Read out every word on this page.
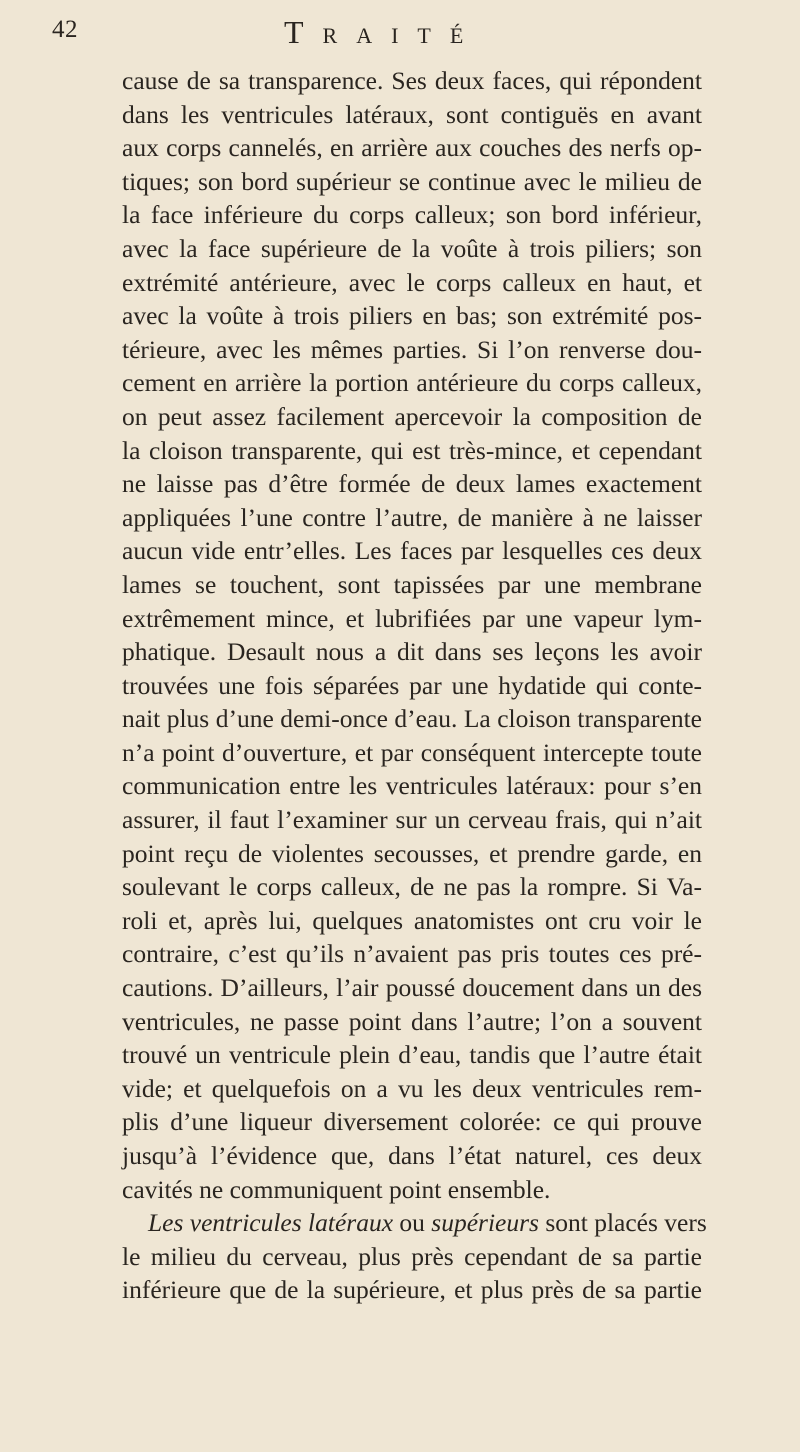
42	Traité
cause de sa transparence. Ses deux faces, qui répondent
dans les ventricules latéraux, sont contiguës en avant
aux corps cannelés, en arrière aux couches des nerfs op-
tiques; son bord supérieur se continue avec le milieu de
la face inférieure du corps calleux; son bord inférieur,
avec la face supérieure de la voûte à trois piliers; son
extrémité antérieure, avec le corps calleux en haut, et
avec la voûte à trois piliers en bas; son extrémité pos-
térieure, avec les mêmes parties. Si l’on renverse dou-
cement en arrière la portion antérieure du corps calleux,
on peut assez facilement apercevoir la composition de
la cloison transparente, qui est très-mince, et cependant
ne laisse pas d’être formée de deux lames exactement
appliquées l’une contre l’autre, de manière à ne laisser
aucun vide entr’elles. Les faces par lesquelles ces deux
lames se touchent, sont tapissées par une membrane
extrêmement mince, et lubrifiées par une vapeur lym-
phatique. Desault nous a dit dans ses leçons les avoir
trouvées une fois séparées par une hydatide qui conte-
nait plus d’une demi-once d’eau. La cloison transparente
n’a point d’ouverture, et par conséquent intercepte toute
communication entre les ventricules latéraux: pour s’en
assurer, il faut l’examiner sur un cerveau frais, qui n’ait
point reçu de violentes secousses, et prendre garde, en
soulevant le corps calleux, de ne pas la rompre. Si Va-
roli et, après lui, quelques anatomistes ont cru voir le
contraire, c’est qu’ils n’avaient pas pris toutes ces pré-
cautions. D’ailleurs, l’air poussé doucement dans un des
ventricules, ne passe point dans l’autre; l’on a souvent
trouvé un ventricule plein d’eau, tandis que l’autre était
vide; et quelquefois on a vu les deux ventricules rem-
plis d’une liqueur diversement colorée: ce qui prouve
jusqu’à l’évidence que, dans l’état naturel, ces deux
cavités ne communiquent point ensemble.
Les ventricules latéraux ou supérieurs sont placés vers
le milieu du cerveau, plus près cependant de sa partie
inférieure que de la supérieure, et plus près de sa partie
